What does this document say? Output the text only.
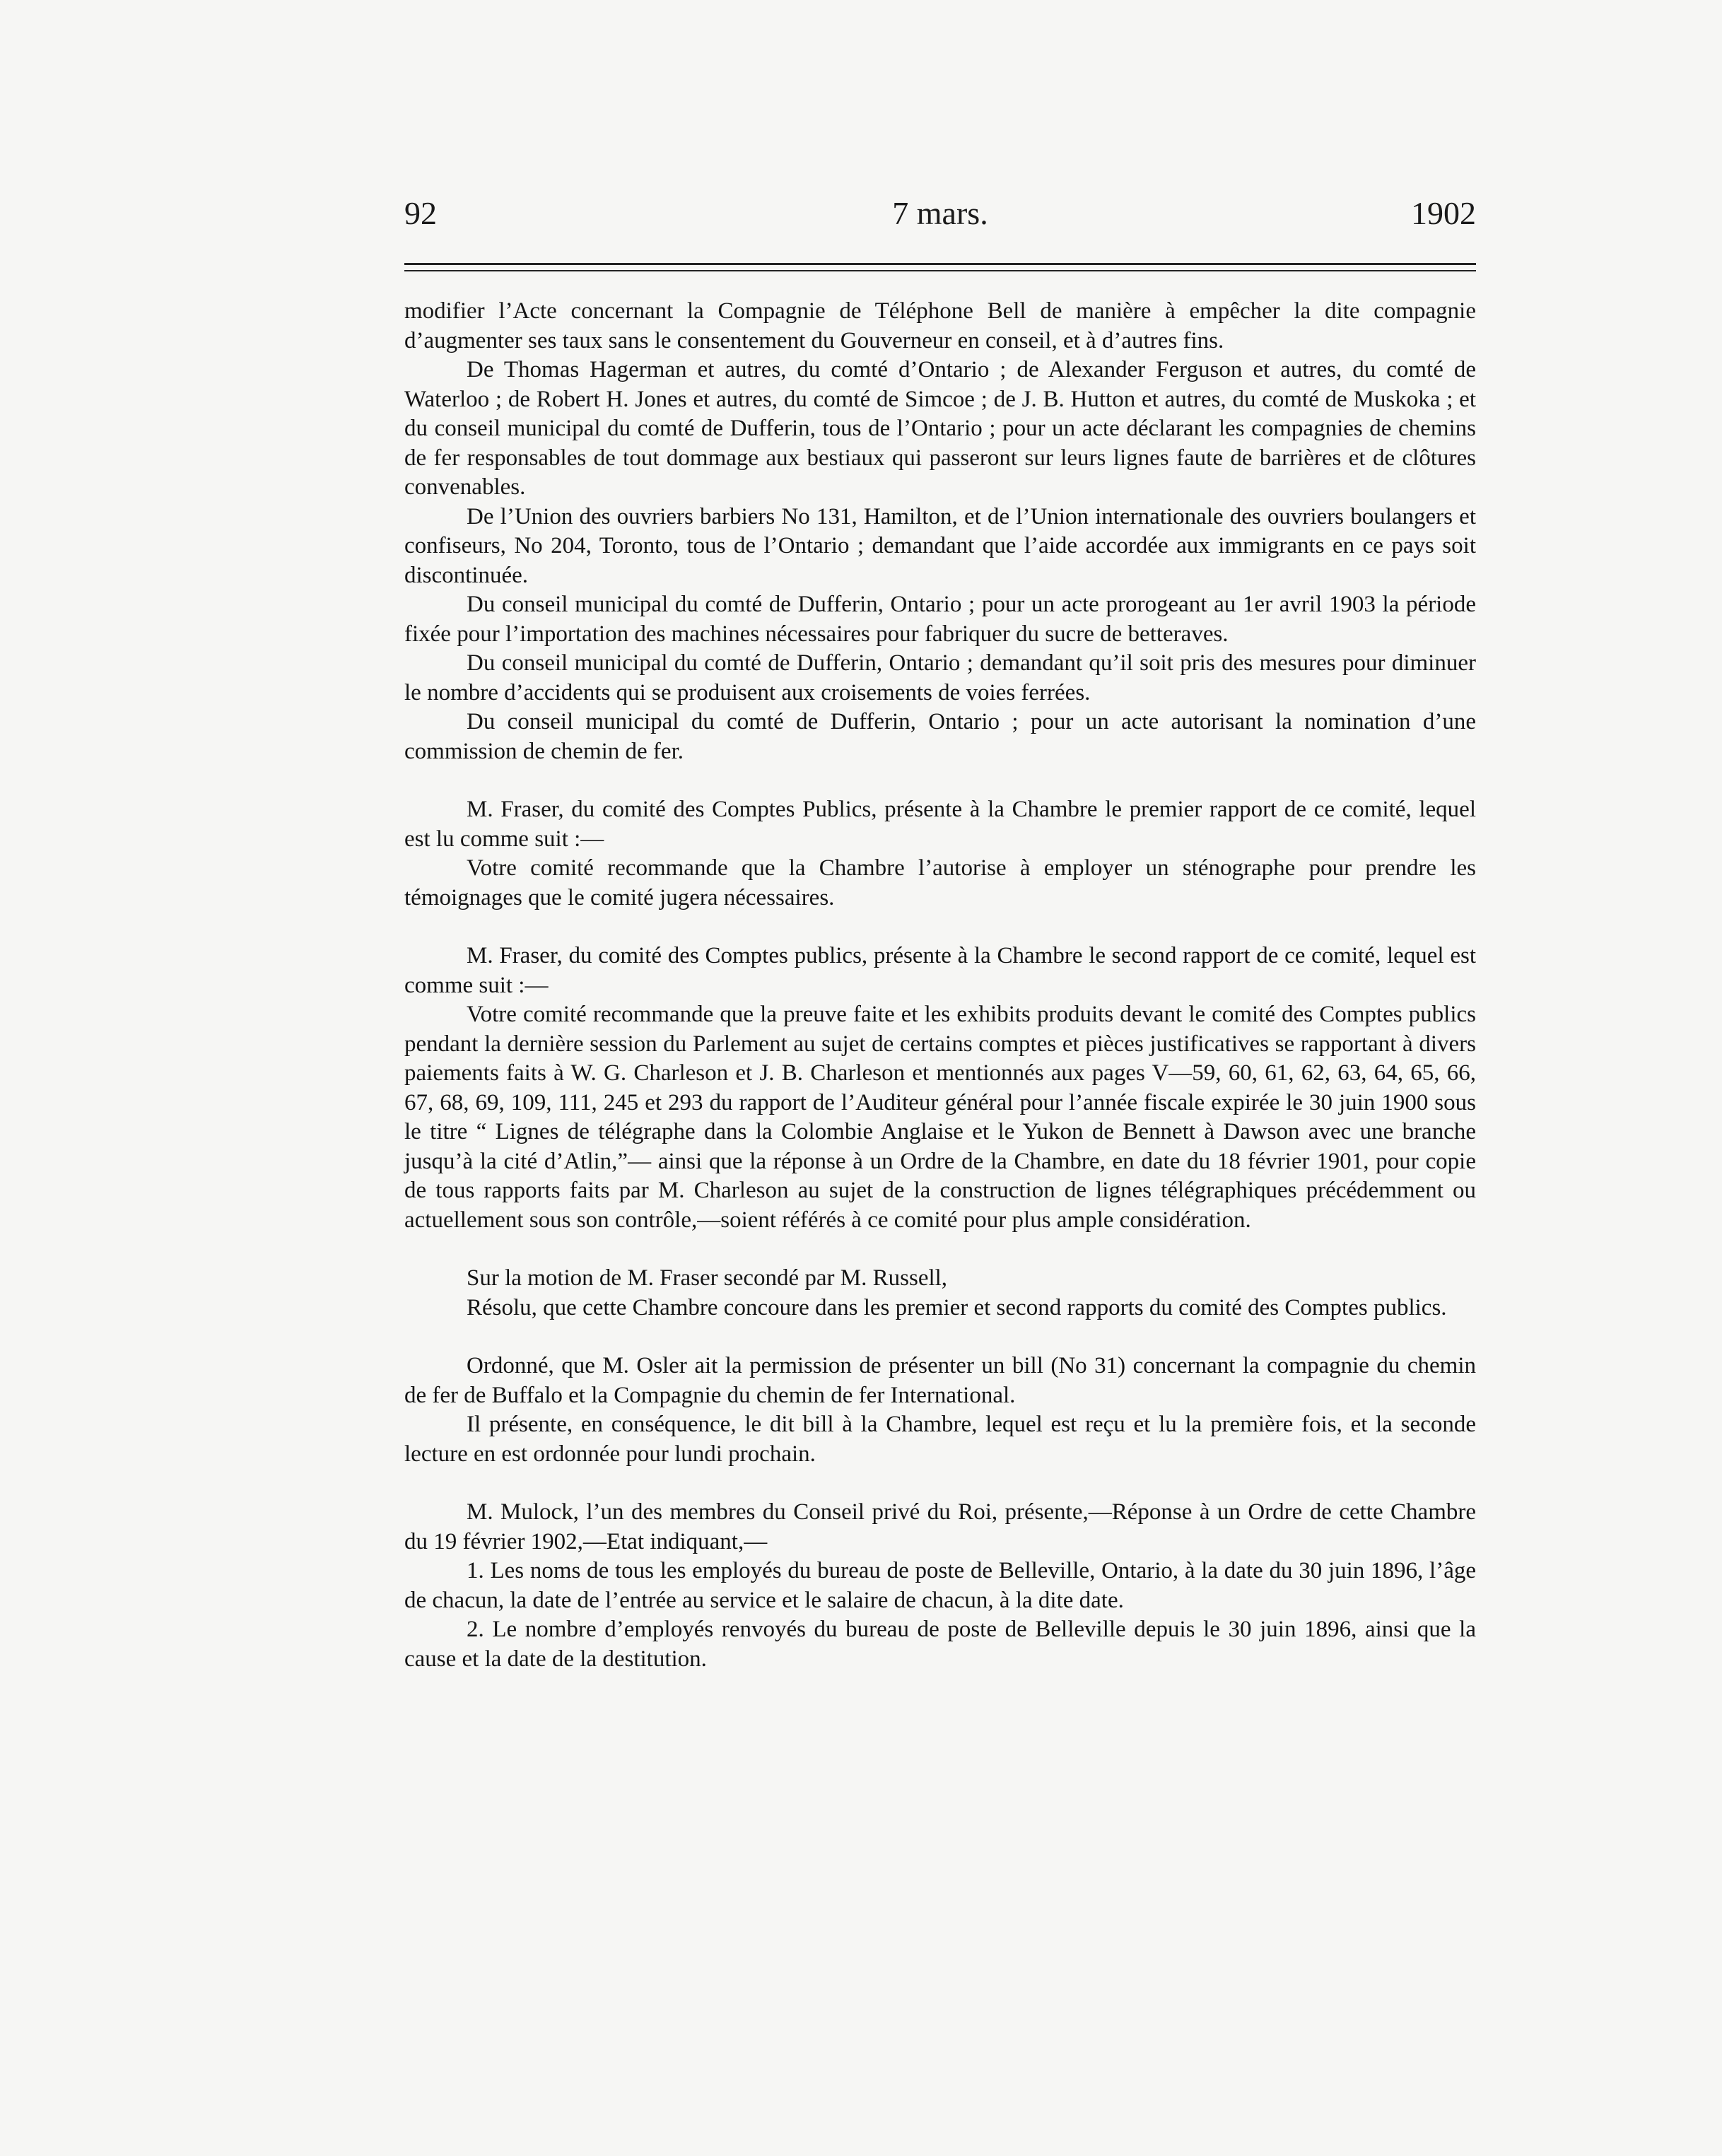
92	7 mars.	1902

modifier l’Acte concernant la Compagnie de Téléphone Bell de manière à empêcher la dite compagnie d’augmenter ses taux sans le consentement du Gouverneur en conseil, et à d’autres fins.

De Thomas Hagerman et autres, du comté d’Ontario ; de Alexander Ferguson et autres, du comté de Waterloo ; de Robert H. Jones et autres, du comté de Simcoe ; de J. B. Hutton et autres, du comté de Muskoka ; et du conseil municipal du comté de Dufferin, tous de l’Ontario ; pour un acte déclarant les compagnies de chemins de fer responsables de tout dommage aux bestiaux qui passeront sur leurs lignes faute de barrières et de clôtures convenables.

De l’Union des ouvriers barbiers No 131, Hamilton, et de l’Union internationale des ouvriers boulangers et confiseurs, No 204, Toronto, tous de l’Ontario ; demandant que l’aide accordée aux immigrants en ce pays soit discontinuée.

Du conseil municipal du comté de Dufferin, Ontario ; pour un acte prorogeant au 1er avril 1903 la période fixée pour l’importation des machines nécessaires pour fabriquer du sucre de betteraves.

Du conseil municipal du comté de Dufferin, Ontario ; demandant qu’il soit pris des mesures pour diminuer le nombre d’accidents qui se produisent aux croisements de voies ferrées.

Du conseil municipal du comté de Dufferin, Ontario ; pour un acte autorisant la nomination d’une commission de chemin de fer.

M. Fraser, du comité des Comptes Publics, présente à la Chambre le premier rapport de ce comité, lequel est lu comme suit :—

Votre comité recommande que la Chambre l’autorise à employer un sténographe pour prendre les témoignages que le comité jugera nécessaires.

M. Fraser, du comité des Comptes publics, présente à la Chambre le second rapport de ce comité, lequel est comme suit :—

Votre comité recommande que la preuve faite et les exhibits produits devant le comité des Comptes publics pendant la dernière session du Parlement au sujet de certains comptes et pièces justificatives se rapportant à divers paiements faits à W. G. Charleson et J. B. Charleson et mentionnés aux pages V—59, 60, 61, 62, 63, 64, 65, 66, 67, 68, 69, 109, 111, 245 et 293 du rapport de l’Auditeur général pour l’année fiscale expirée le 30 juin 1900 sous le titre “ Lignes de télégraphe dans la Colombie Anglaise et le Yukon de Bennett à Dawson avec une branche jusqu’à la cité d’Atlin,”— ainsi que la réponse à un Ordre de la Chambre, en date du 18 février 1901, pour copie de tous rapports faits par M. Charleson au sujet de la construction de lignes télégraphiques précédemment ou actuellement sous son contrôle,—soient référés à ce comité pour plus ample considération.

Sur la motion de M. Fraser secondé par M. Russell,

Résolu, que cette Chambre concoure dans les premier et second rapports du comité des Comptes publics.

Ordonné, que M. Osler ait la permission de présenter un bill (No 31) concernant la compagnie du chemin de fer de Buffalo et la Compagnie du chemin de fer International.

Il présente, en conséquence, le dit bill à la Chambre, lequel est reçu et lu la première fois, et la seconde lecture en est ordonnée pour lundi prochain.

M. Mulock, l’un des membres du Conseil privé du Roi, présente,—Réponse à un Ordre de cette Chambre du 19 février 1902,—Etat indiquant,—

1. Les noms de tous les employés du bureau de poste de Belleville, Ontario, à la date du 30 juin 1896, l’âge de chacun, la date de l’entrée au service et le salaire de chacun, à la dite date.

2. Le nombre d’employés renvoyés du bureau de poste de Belleville depuis le 30 juin 1896, ainsi que la cause et la date de la destitution.
